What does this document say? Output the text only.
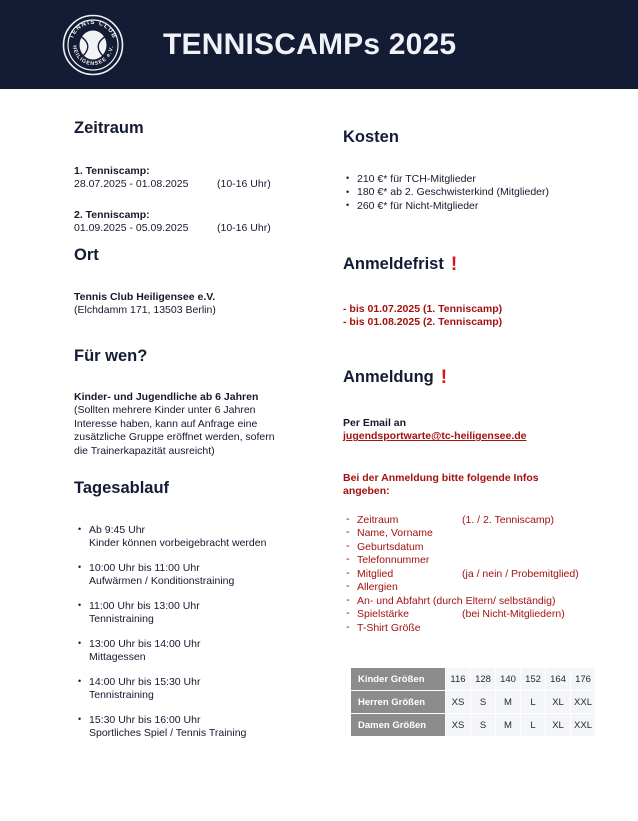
TENNIS CLUB
HEILIGENSEE e.V. TENNISCAMPs 2025
Zeitraum
1. Tenniscamp:
28.07.2025 - 01.08.2025	(10-16 Uhr)
2. Tenniscamp:
01.09.2025 - 05.09.2025	(10-16 Uhr)
Ort
Tennis Club Heiligensee e.V.
(Elchdamm 171, 13503 Berlin)
Für wen?
Kinder- und Jugendliche ab 6 Jahren
(Sollten mehrere Kinder unter 6 Jahren
Interesse haben, kann auf Anfrage eine
zusätzliche Gruppe eröffnet werden, sofern
die Trainerkapazität ausreicht)
Tagesablauf
• Ab 9:45 Uhr
Kinder können vorbeigebracht werden
• 10:00 Uhr bis 11:00 Uhr
Aufwärmen / Konditionstraining
• 11:00 Uhr bis 13:00 Uhr
Tennistraining
• 13:00 Uhr bis 14:00 Uhr
Mittagessen
• 14:00 Uhr bis 15:30 Uhr
Tennistraining
• 15:30 Uhr bis 16:00 Uhr
Sportliches Spiel / Tennis Training
Kosten
• 210 €* für TCH-Mitglieder
• 180 €* ab 2. Geschwisterkind (Mitglieder)
• 260 €* für Nicht-Mitglieder
Anmeldefrist !
- bis 01.07.2025 (1. Tenniscamp)
- bis 01.08.2025 (2. Tenniscamp)
Anmeldung !
Per Email an
jugendsportwarte@tc-heiligensee.de
Bei der Anmeldung bitte folgende Infos
angeben:
- Zeitraum	(1. / 2. Tenniscamp)
- Name, Vorname
- Geburtsdatum
- Telefonnummer
- Mitglied	(ja / nein / Probemitglied)
- Allergien
- An- und Abfahrt (durch Eltern/ selbständig)
- Spielstärke	(bei Nicht-Mitgliedern)
- T-Shirt Größe
Kinder Größen	116	128	140	152	164	176
Herren Größen	XS	S	M	L	XL	XXL
Damen Größen	XS	S	M	L	XL	XXL
